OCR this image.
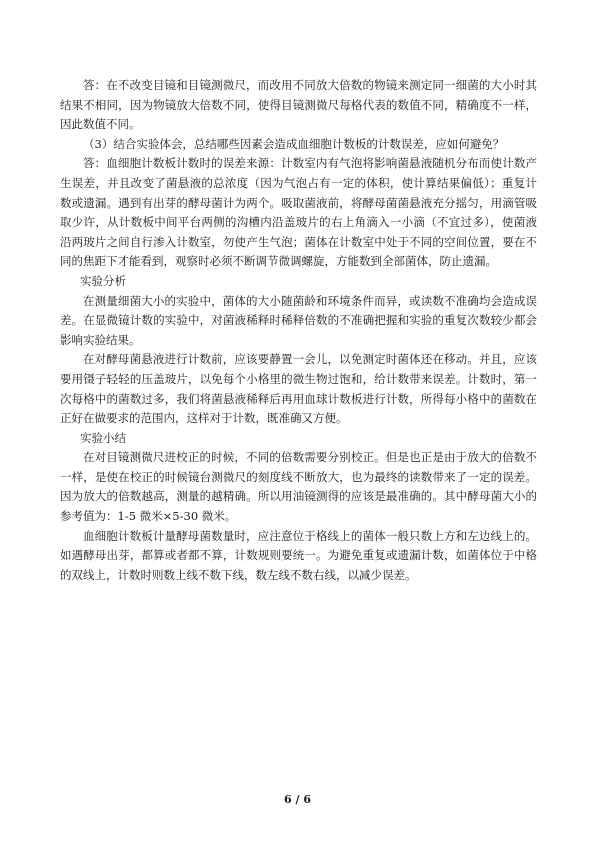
答：在不改变目镜和目镜测微尺，而改用不同放大倍数的物镜来测定同一细菌的大小时其结果不相同，因为物镜放大倍数不同，使得目镜测微尺每格代表的数值不同，精确度不一样，因此数值不同。

（3）结合实验体会，总结哪些因素会造成血细胞计数板的计数误差，应如何避免？

答：血细胞计数板计数时的误差来源：计数室内有气泡将影响菌悬液随机分布而使计数产生误差，并且改变了菌悬液的总浓度（因为气泡占有一定的体积，使计算结果偏低）；重复计数或遗漏。遇到有出芽的酵母菌计为两个。吸取菌液前，将酵母菌菌悬液充分摇匀，用滴管吸取少许，从计数板中间平台两侧的沟槽内沿盖玻片的右上角滴入一小滴（不宜过多），使菌液沿两玻片之间自行渗入计数室，勿使产生气泡；菌体在计数室中处于不同的空间位置，要在不同的焦距下才能看到，观察时必须不断调节微调螺旋，方能数到全部菌体，防止遗漏。

实验分析

在测量细菌大小的实验中，菌体的大小随菌龄和环境条件而异，或读数不准确均会造成误差。在显微镜计数的实验中，对菌液稀释时稀释倍数的不准确把握和实验的重复次数较少都会影响实验结果。

在对酵母菌悬液进行计数前，应该要静置一会儿，以免测定时菌体还在移动。并且，应该要用镊子轻轻的压盖玻片，以免每个小格里的微生物过饱和，给计数带来误差。计数时，第一次每格中的菌数过多，我们将菌悬液稀释后再用血球计数板进行计数，所得每小格中的菌数在正好在做要求的范围内，这样对于计数，既准确又方便。

实验小结

在对目镜测微尺进校正的时候，不同的倍数需要分别校正。但是也正是由于放大的倍数不一样，是使在校正的时候镜台测微尺的刻度线不断放大，也为最终的读数带来了一定的误差。因为放大的倍数越高，测量的越精确。所以用油镜测得的应该是最准确的。其中酵母菌大小的参考值为：1-5 微米×5-30 微米。

血细胞计数板计量酵母菌数量时，应注意位于格线上的菌体一般只数上方和左边线上的。如遇酵母出芽，都算或者都不算，计数规则要统一。为避免重复或遗漏计数，如菌体位于中格的双线上，计数时则数上线不数下线，数左线不数右线，以减少误差。

6 / 6
